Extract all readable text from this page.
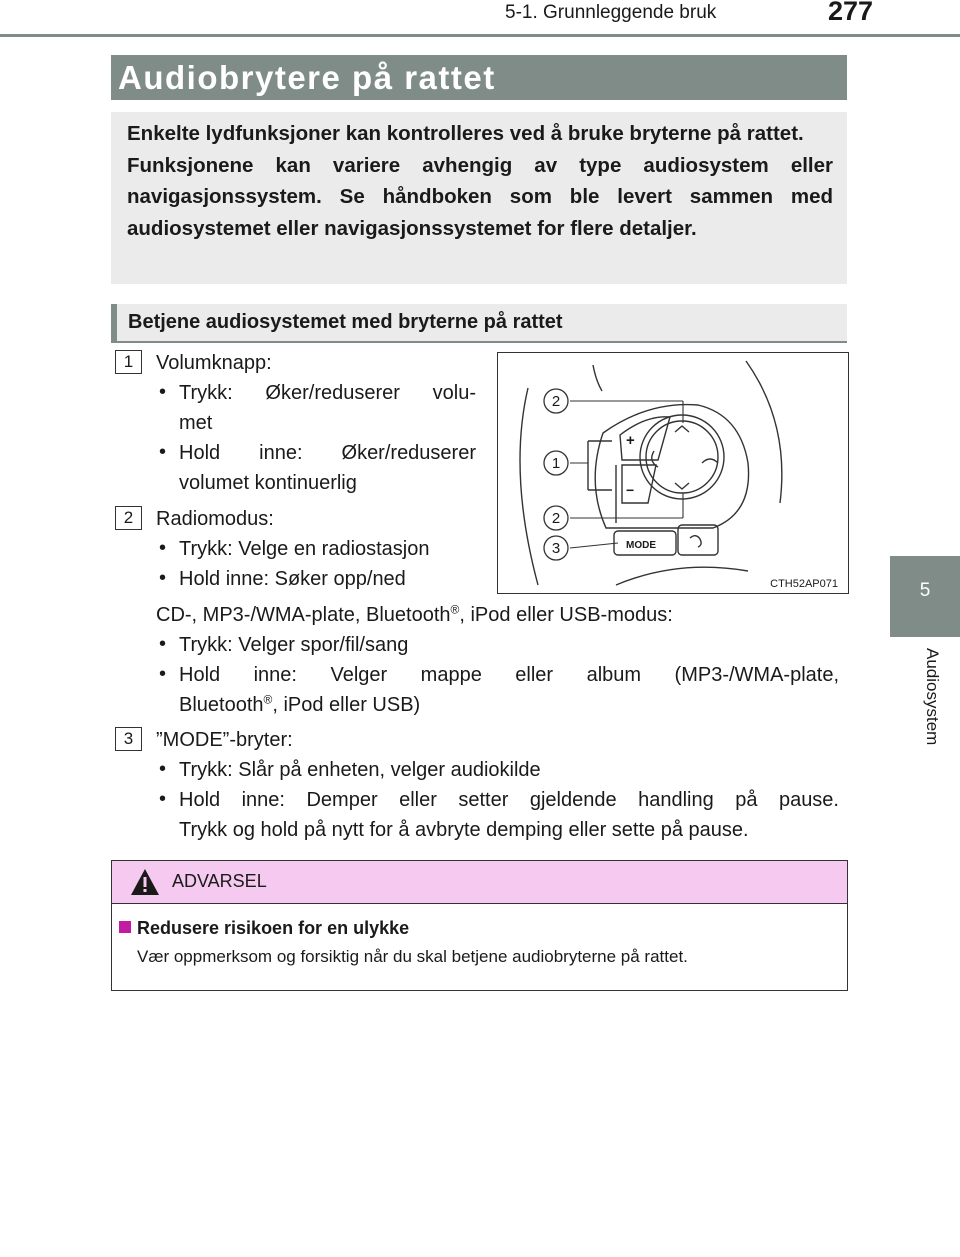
5-1. Grunnleggende bruk	277
5
Audiosystem
Audiobrytere på rattet

Enkelte lydfunksjoner kan kontrolleres ved å bruke bryterne på rattet.

Funksjonene kan variere avhengig av type audiosystem eller navigasjonssystem. Se håndboken som ble levert sammen med audiosystemet eller navigasjonssystemet for flere detaljer.

Betjene audiosystemet med bryterne på rattet
1	Volumknapp:
• Trykk: Øker/reduserer volu-
met
• Hold inne: Øker/reduserer
volumet kontinuerlig
2	Radiomodus:
• Trykk: Velge en radiostasjon
• Hold inne: Søker opp/ned
CD-, MP3-/WMA-plate, Bluetooth®, iPod eller USB-modus:
• Trykk: Velger spor/fil/sang
• Hold inne: Velger mappe eller album (MP3-/WMA-plate,
Bluetooth®, iPod eller USB)
3	”MODE”-bryter:
• Trykk: Slår på enheten, velger audiokilde
• Hold inne: Demper eller setter gjeldende handling på pause.
Trykk og hold på nytt for å avbryte demping eller sette på pause.
2
1
2
3
+
−
MODE
CTH52AP071
ADVARSEL
Redusere risikoen for en ulykke
Vær oppmerksom og forsiktig når du skal betjene audiobryterne på rattet.
